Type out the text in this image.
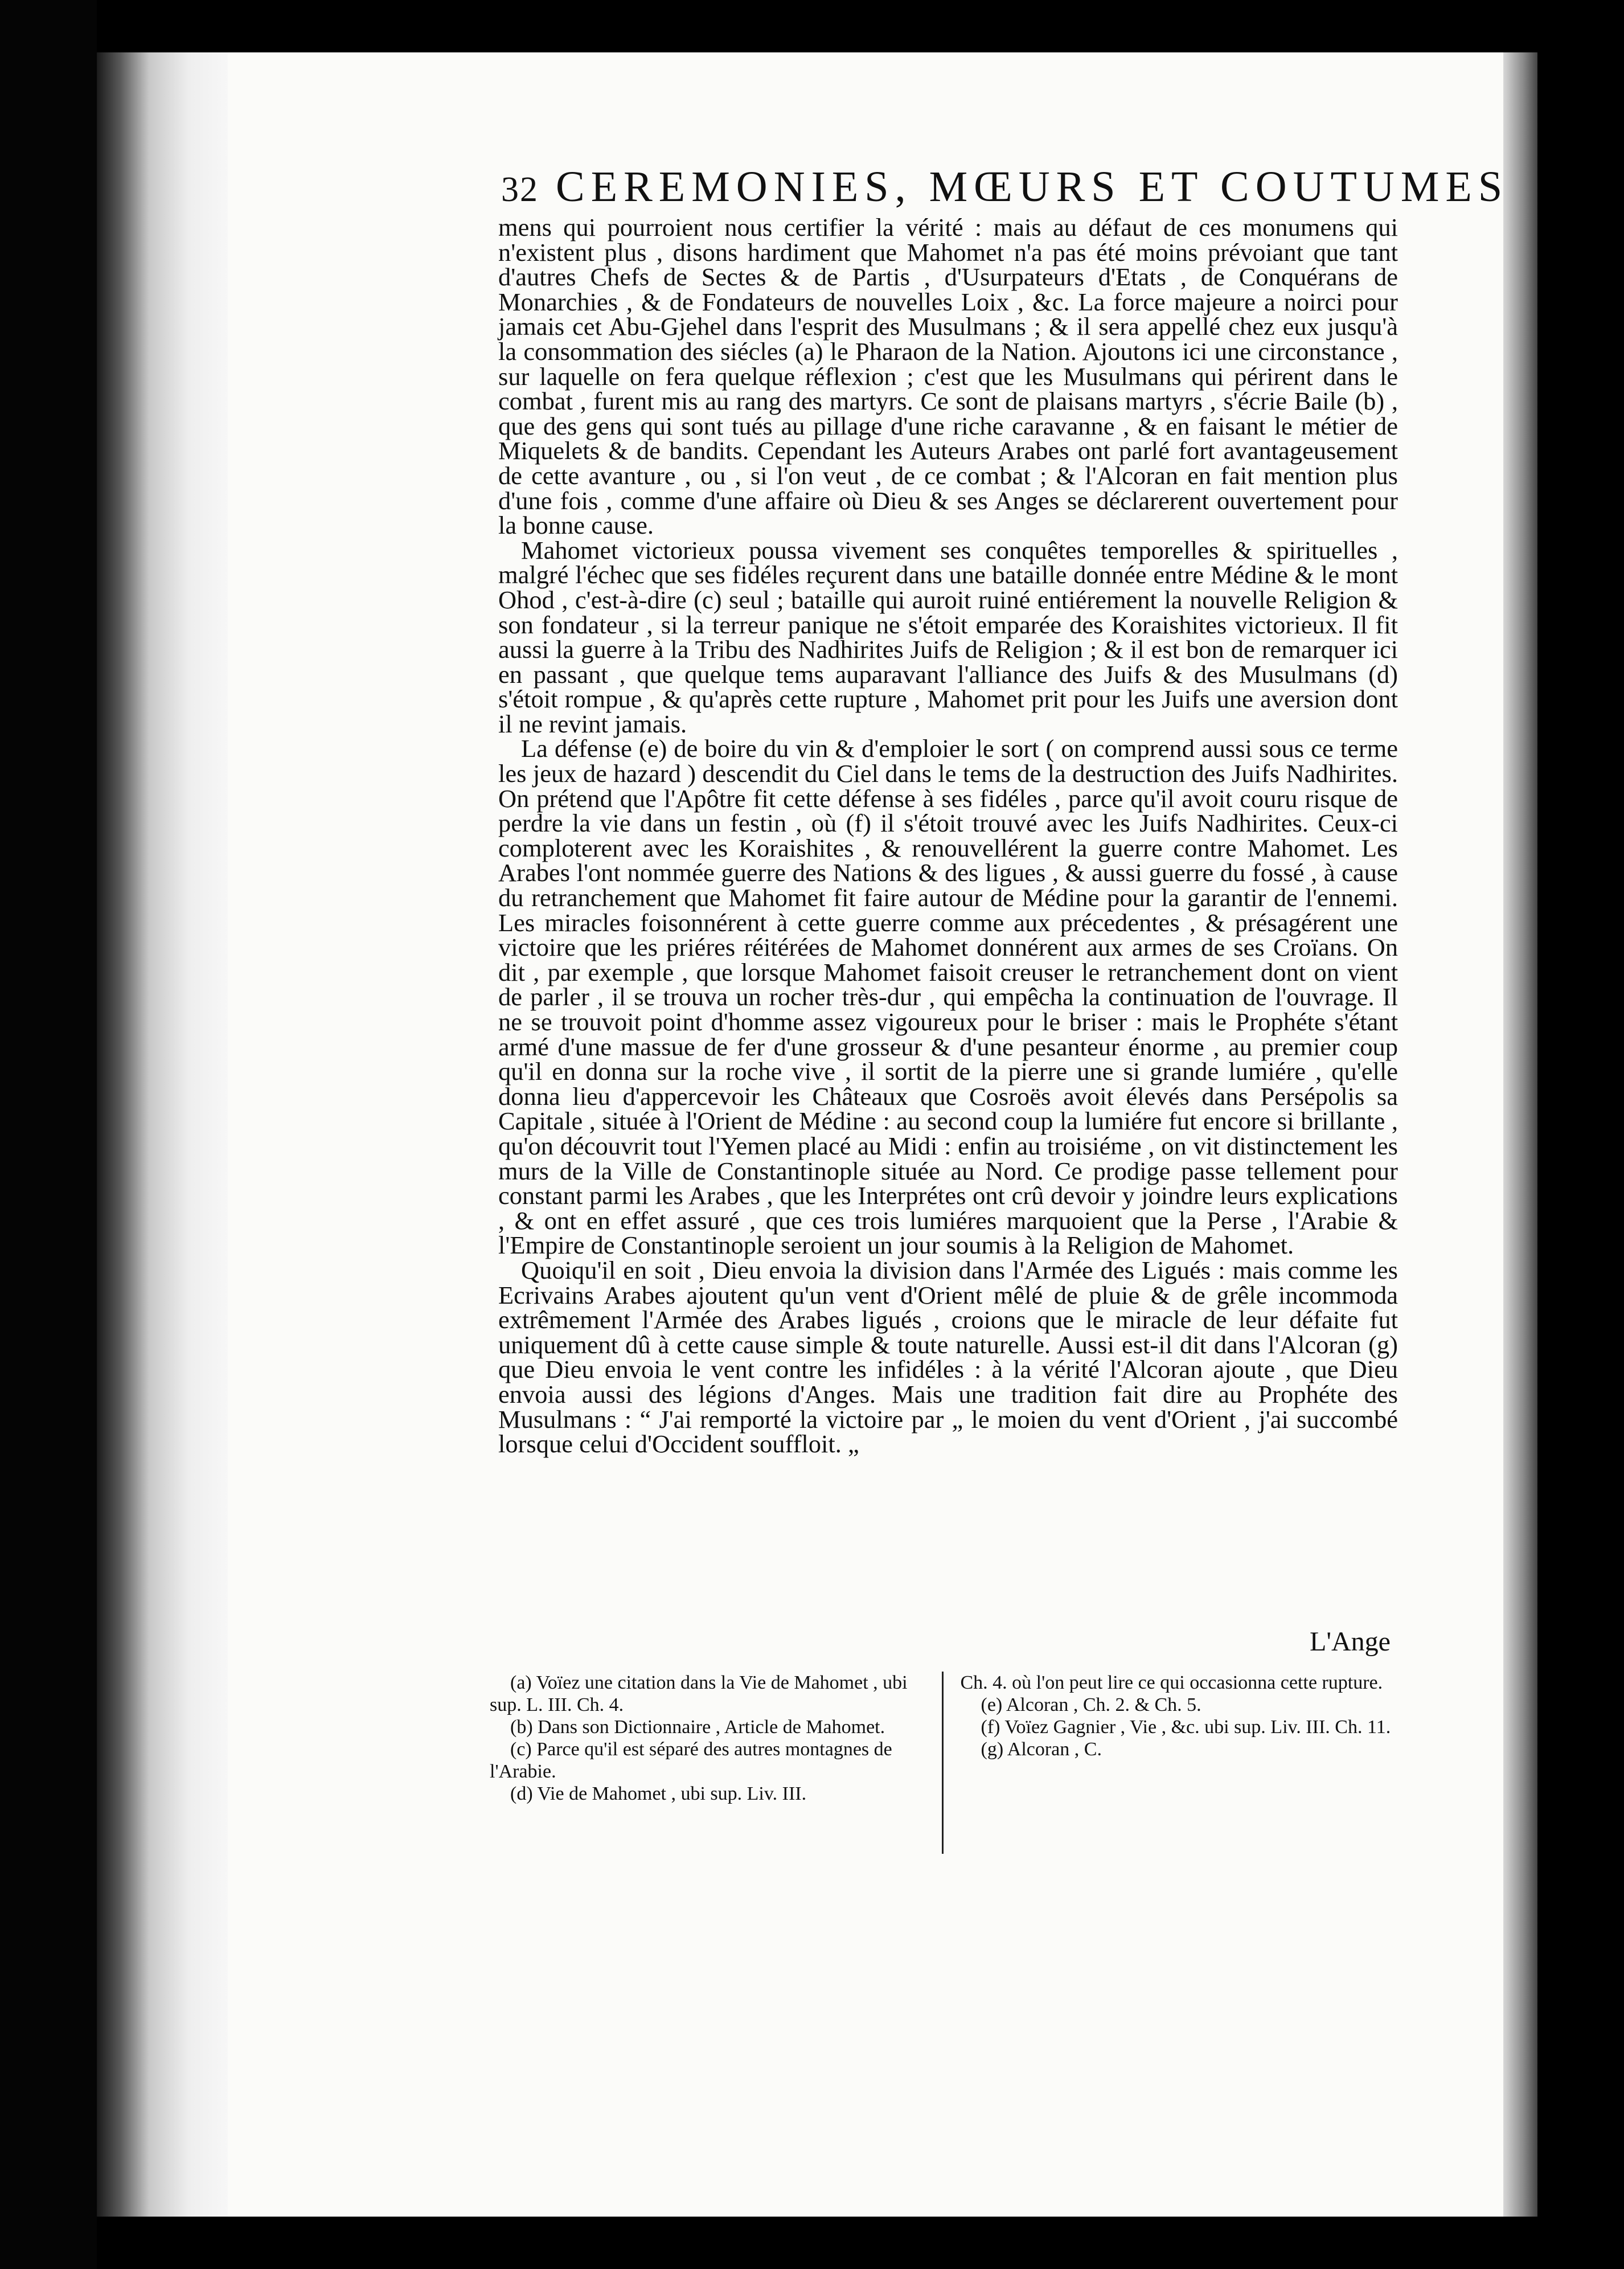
32 CEREMONIES, MŒURS ET COUTUMES

mens qui pourroient nous certifier la vérité : mais au défaut de ces monumens qui n'existent plus , disons hardiment que Mahomet n'a pas été moins prévoiant que tant d'autres Chefs de Sectes & de Partis , d'Usurpateurs d'Etats , de Conquérans de Monarchies , & de Fondateurs de nouvelles Loix , &c. La force majeure a noirci pour jamais cet Abu-Gjehel dans l'esprit des Musulmans ; & il sera appellé chez eux jusqu'à la consommation des siécles (a) le Pharaon de la Nation. Ajoutons ici une circonstance , sur laquelle on fera quelque réflexion ; c'est que les Musulmans qui périrent dans le combat , furent mis au rang des martyrs. Ce sont de plaisans martyrs , s'écrie Baile (b) , que des gens qui sont tués au pillage d'une riche caravanne , & en faisant le métier de Miquelets & de bandits. Cependant les Auteurs Arabes ont parlé fort avantageusement de cette avanture , ou , si l'on veut , de ce combat ; & l'Alcoran en fait mention plus d'une fois , comme d'une affaire où Dieu & ses Anges se déclarerent ouvertement pour la bonne cause.

Mahomet victorieux poussa vivement ses conquêtes temporelles & spirituelles , malgré l'échec que ses fidéles reçurent dans une bataille donnée entre Médine & le mont Ohod , c'est-à-dire (c) seul ; bataille qui auroit ruiné entiérement la nouvelle Religion & son fondateur , si la terreur panique ne s'étoit emparée des Koraishites victorieux. Il fit aussi la guerre à la Tribu des Nadhirites Juifs de Religion ; & il est bon de remarquer ici en passant , que quelque tems auparavant l'alliance des Juifs & des Musulmans (d) s'étoit rompue , & qu'après cette rupture , Mahomet prit pour les Juifs une aversion dont il ne revint jamais.

La défense (e) de boire du vin & d'emploier le sort ( on comprend aussi sous ce terme les jeux de hazard ) descendit du Ciel dans le tems de la destruction des Juifs Nadhirites. On prétend que l'Apôtre fit cette défense à ses fidéles , parce qu'il avoit couru risque de perdre la vie dans un festin , où (f) il s'étoit trouvé avec les Juifs Nadhirites. Ceux-ci comploterent avec les Koraishites , & renouvellérent la guerre contre Mahomet. Les Arabes l'ont nommée guerre des Nations & des ligues , & aussi guerre du fossé , à cause du retranchement que Mahomet fit faire autour de Médine pour la garantir de l'ennemi. Les miracles foisonnérent à cette guerre comme aux précedentes , & présagérent une victoire que les priéres réitérées de Mahomet donnérent aux armes de ses Croïans. On dit , par exemple , que lorsque Mahomet faisoit creuser le retranchement dont on vient de parler , il se trouva un rocher très-dur , qui empêcha la continuation de l'ouvrage. Il ne se trouvoit point d'homme assez vigoureux pour le briser : mais le Prophéte s'étant armé d'une massue de fer d'une grosseur & d'une pesanteur énorme , au premier coup qu'il en donna sur la roche vive , il sortit de la pierre une si grande lumiére , qu'elle donna lieu d'appercevoir les Châteaux que Cosroës avoit élevés dans Persépolis sa Capitale , située à l'Orient de Médine : au second coup la lumiére fut encore si brillante , qu'on découvrit tout l'Yemen placé au Midi : enfin au troisiéme , on vit distinctement les murs de la Ville de Constantinople située au Nord. Ce prodige passe tellement pour constant parmi les Arabes , que les Interprétes ont crû devoir y joindre leurs explications , & ont en effet assuré , que ces trois lumiéres marquoient que la Perse , l'Arabie & l'Empire de Constantinople seroient un jour soumis à la Religion de Mahomet.

Quoiqu'il en soit , Dieu envoia la division dans l'Armée des Ligués : mais comme les Ecrivains Arabes ajoutent qu'un vent d'Orient mêlé de pluie & de grêle incommoda extrêmement l'Armée des Arabes ligués , croions que le miracle de leur défaite fut uniquement dû à cette cause simple & toute naturelle. Aussi est-il dit dans l'Alcoran (g) que Dieu envoia le vent contre les infidéles : à la vérité l'Alcoran ajoute , que Dieu envoia aussi des légions d'Anges. Mais une tradition fait dire au Prophéte des Musulmans : “ J'ai remporté la victoire par „ le moien du vent d'Orient , j'ai succombé lorsque celui d'Occident souffloit. „

L'Ange

(a) Voïez une citation dans la Vie de Mahomet , ubi sup. L. III. Ch. 4.

(b) Dans son Dictionnaire , Article de Mahomet.

(c) Parce qu'il est séparé des autres montagnes de l'Arabie.

(d) Vie de Mahomet , ubi sup. Liv. III.

Ch. 4. où l'on peut lire ce qui occasionna cette rupture.

(e) Alcoran , Ch. 2. & Ch. 5.

(f) Voïez Gagnier , Vie , &c. ubi sup. Liv. III. Ch. 11.

(g) Alcoran , C.
